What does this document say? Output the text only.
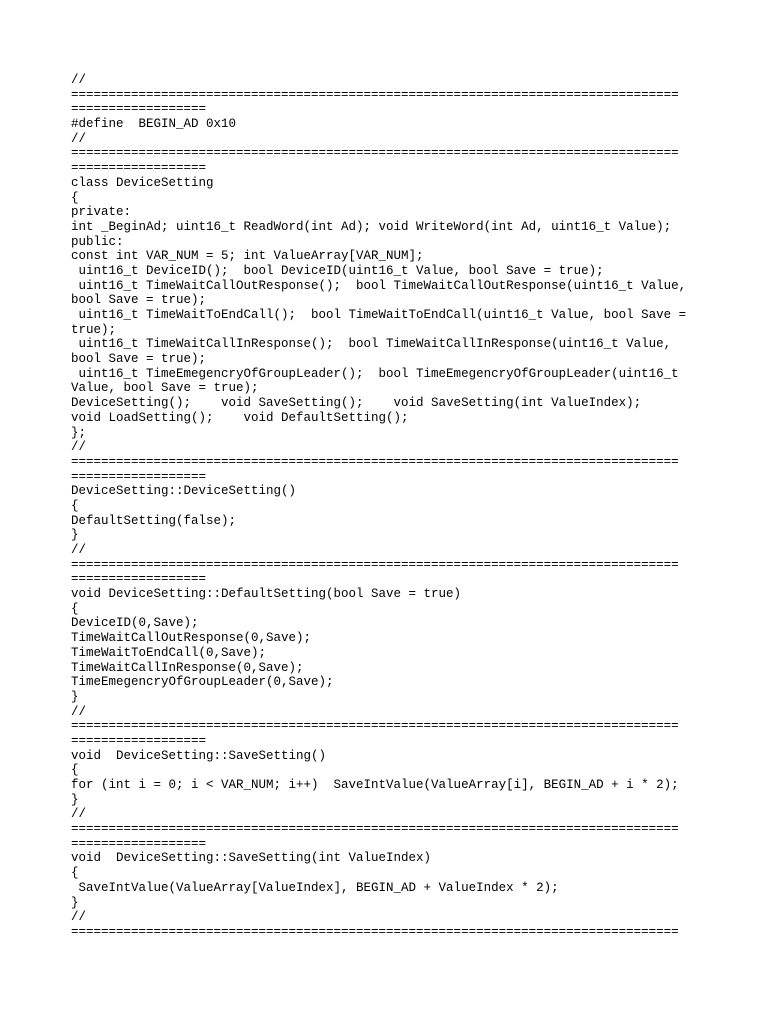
//
=================================================================================
==================
#define  BEGIN_AD 0x10
//
=================================================================================
==================
class DeviceSetting
{
private:
int _BeginAd; uint16_t ReadWord(int Ad); void WriteWord(int Ad, uint16_t Value);
public:
const int VAR_NUM = 5; int ValueArray[VAR_NUM];
uint16_t DeviceID();  bool DeviceID(uint16_t Value, bool Save = true);
uint16_t TimeWaitCallOutResponse();  bool TimeWaitCallOutResponse(uint16_t Value,
bool Save = true);
uint16_t TimeWaitToEndCall();  bool TimeWaitToEndCall(uint16_t Value, bool Save =
true);
uint16_t TimeWaitCallInResponse();  bool TimeWaitCallInResponse(uint16_t Value,
bool Save = true);
uint16_t TimeEmegencryOfGroupLeader();  bool TimeEmegencryOfGroupLeader(uint16_t
Value, bool Save = true);
DeviceSetting();    void SaveSetting();    void SaveSetting(int ValueIndex);
void LoadSetting();    void DefaultSetting();
};
//
=================================================================================
==================
DeviceSetting::DeviceSetting()
{
DefaultSetting(false);
}
//
=================================================================================
==================
void DeviceSetting::DefaultSetting(bool Save = true)
{
DeviceID(0,Save);
TimeWaitCallOutResponse(0,Save);
TimeWaitToEndCall(0,Save);
TimeWaitCallInResponse(0,Save);
TimeEmegencryOfGroupLeader(0,Save);
}
//
=================================================================================
==================
void  DeviceSetting::SaveSetting()
{
for (int i = 0; i < VAR_NUM; i++)  SaveIntValue(ValueArray[i], BEGIN_AD + i * 2);
}
//
=================================================================================
==================
void  DeviceSetting::SaveSetting(int ValueIndex)
{
SaveIntValue(ValueArray[ValueIndex], BEGIN_AD + ValueIndex * 2);
}
//
=================================================================================
